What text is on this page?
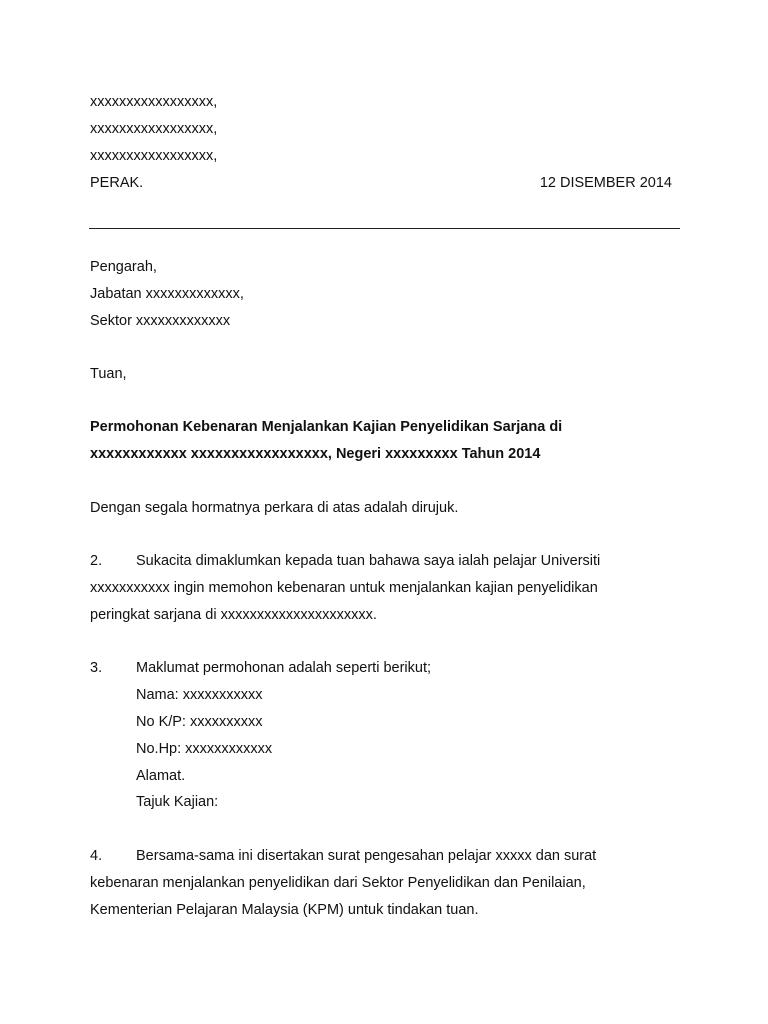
xxxxxxxxxxxxxxxxx,
xxxxxxxxxxxxxxxxx,
xxxxxxxxxxxxxxxxx,
PERAK.	12 DISEMBER 2014
Pengarah,
Jabatan xxxxxxxxxxxxx,
Sektor xxxxxxxxxxxxx
Tuan,
Permohonan Kebenaran Menjalankan Kajian Penyelidikan Sarjana di
xxxxxxxxxxxx xxxxxxxxxxxxxxxxx, Negeri xxxxxxxxx Tahun 2014
Dengan segala hormatnya perkara di atas adalah dirujuk.
2. Sukacita dimaklumkan kepada tuan bahawa saya ialah pelajar Universiti
xxxxxxxxxxx ingin memohon kebenaran untuk menjalankan kajian penyelidikan
peringkat sarjana di xxxxxxxxxxxxxxxxxxxxx.
3. Maklumat permohonan adalah seperti berikut;
Nama: xxxxxxxxxxx
No K/P: xxxxxxxxxx
No.Hp: xxxxxxxxxxxx
Alamat.
Tajuk Kajian:
4. Bersama-sama ini disertakan surat pengesahan pelajar xxxxx dan surat
kebenaran menjalankan penyelidikan dari Sektor Penyelidikan dan Penilaian,
Kementerian Pelajaran Malaysia (KPM) untuk tindakan tuan.
